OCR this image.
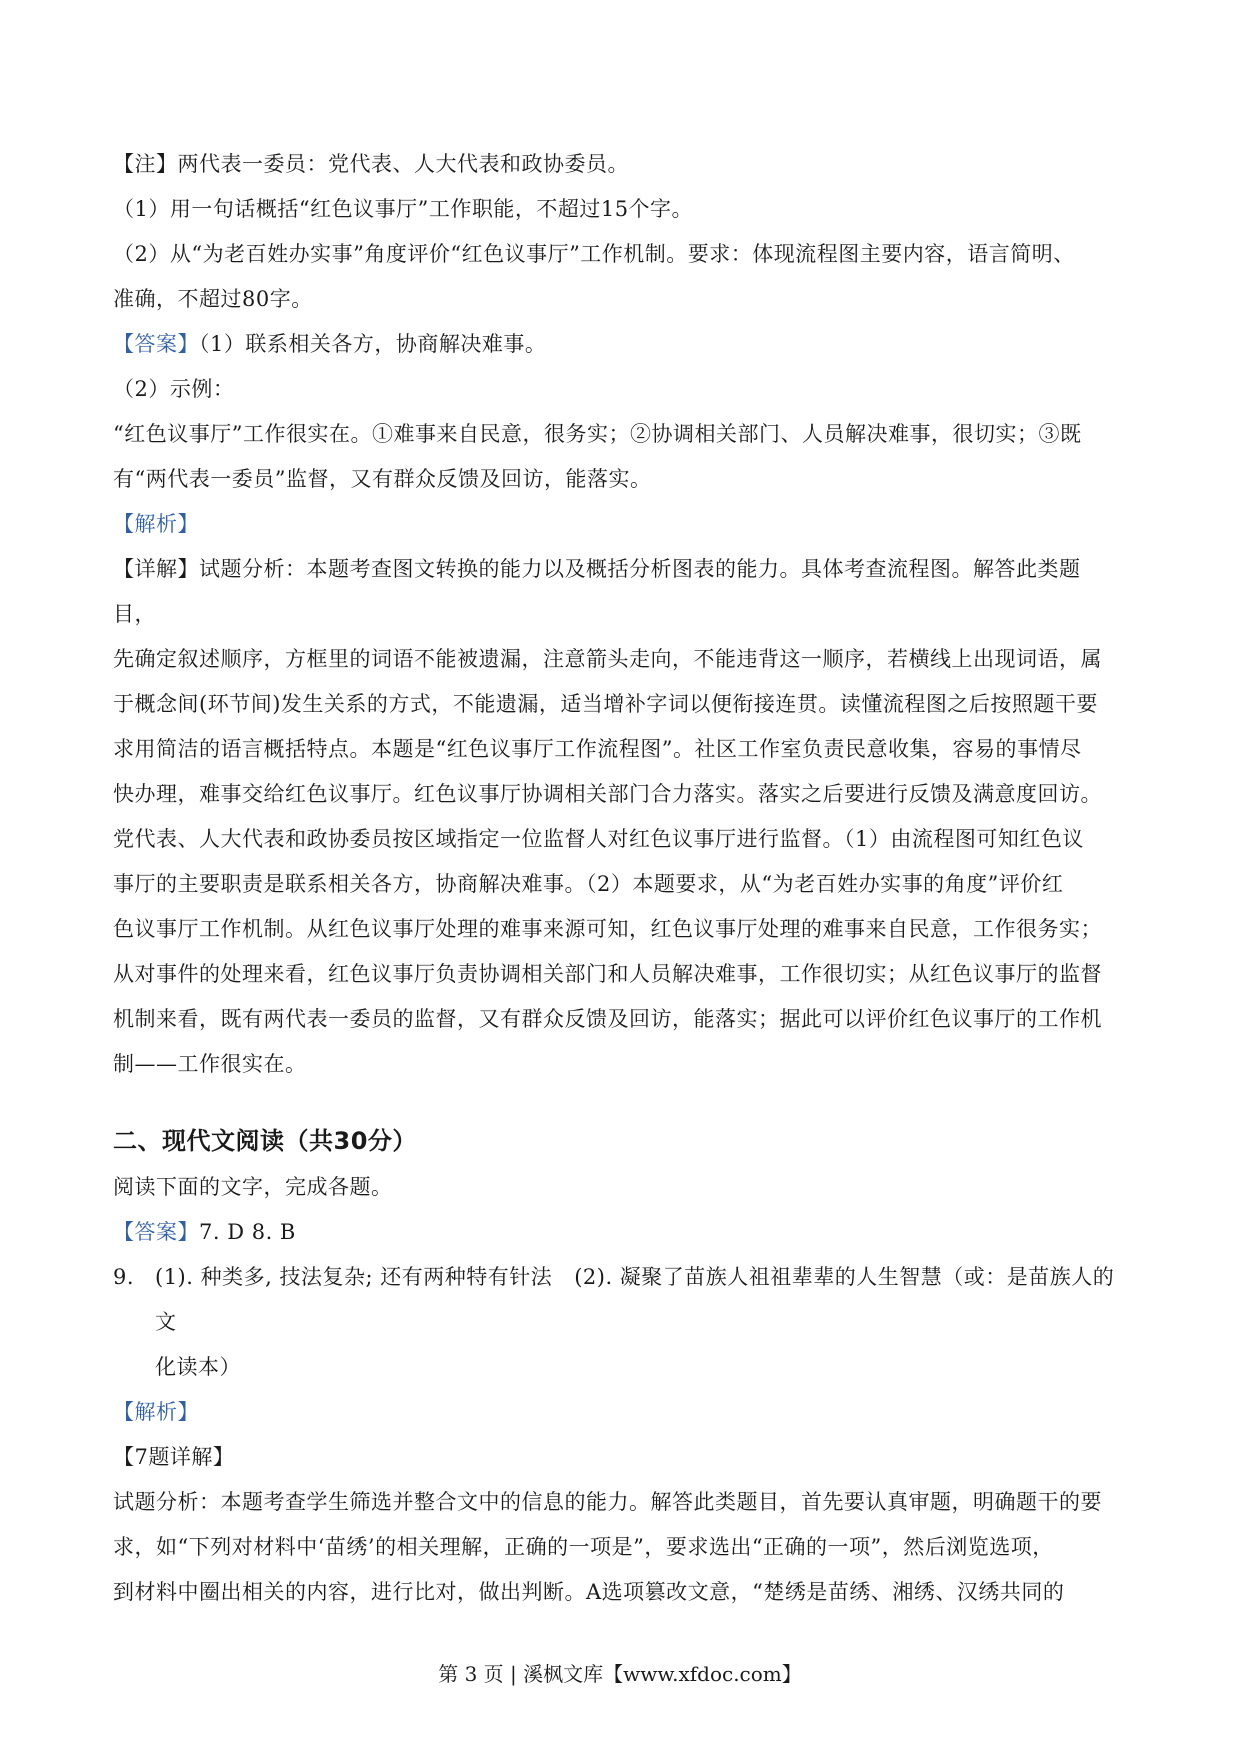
【注】两代表一委员：党代表、人大代表和政协委员。

（1）用一句话概括“红色议事厅”工作职能，不超过15个字。

（2）从“为老百姓办实事”角度评价“红色议事厅”工作机制。要求：体现流程图主要内容，语言简明、

准确，不超过80字。

【答案】（1）联系相关各方，协商解决难事。

（2）示例：

“红色议事厅”工作很实在。①难事来自民意，很务实；②协调相关部门、人员解决难事，很切实；③既

有“两代表一委员”监督，又有群众反馈及回访，能落实。

【解析】

【详解】试题分析：本题考查图文转换的能力以及概括分析图表的能力。具体考查流程图。解答此类题目，

先确定叙述顺序，方框里的词语不能被遗漏，注意箭头走向，不能违背这一顺序，若横线上出现词语，属

于概念间(环节间)发生关系的方式，不能遗漏，适当增补字词以便衔接连贯。读懂流程图之后按照题干要

求用简洁的语言概括特点。本题是“红色议事厅工作流程图”。社区工作室负责民意收集，容易的事情尽

快办理，难事交给红色议事厅。红色议事厅协调相关部门合力落实。落实之后要进行反馈及满意度回访。

党代表、人大代表和政协委员按区域指定一位监督人对红色议事厅进行监督。（1）由流程图可知红色议

事厅的主要职责是联系相关各方，协商解决难事。（2）本题要求，从“为老百姓办实事的角度”评价红

色议事厅工作机制。从红色议事厅处理的难事来源可知，红色议事厅处理的难事来自民意，工作很务实；

从对事件的处理来看，红色议事厅负责协调相关部门和人员解决难事，工作很切实；从红色议事厅的监督

机制来看，既有两代表一委员的监督，又有群众反馈及回访，能落实；据此可以评价红色议事厅的工作机

制——工作很实在。

二、现代文阅读（共30分）

阅读下面的文字，完成各题。

【答案】7. D 8. B

9. (1). 种类多, 技法复杂; 还有两种特有针法 (2). 凝聚了苗族人祖祖辈辈的人生智慧（或：是苗族人的文

化读本）

【解析】

【7题详解】

试题分析：本题考查学生筛选并整合文中的信息的能力。解答此类题目，首先要认真审题，明确题干的要

求，如“下列对材料中‘苗绣’的相关理解，正确的一项是”，要求选出“正确的一项”，然后浏览选项，

到材料中圈出相关的内容，进行比对，做出判断。A选项篡改文意，“楚绣是苗绣、湘绣、汉绣共同的

第 3 页 | 溪枫文库【www.xfdoc.com】
